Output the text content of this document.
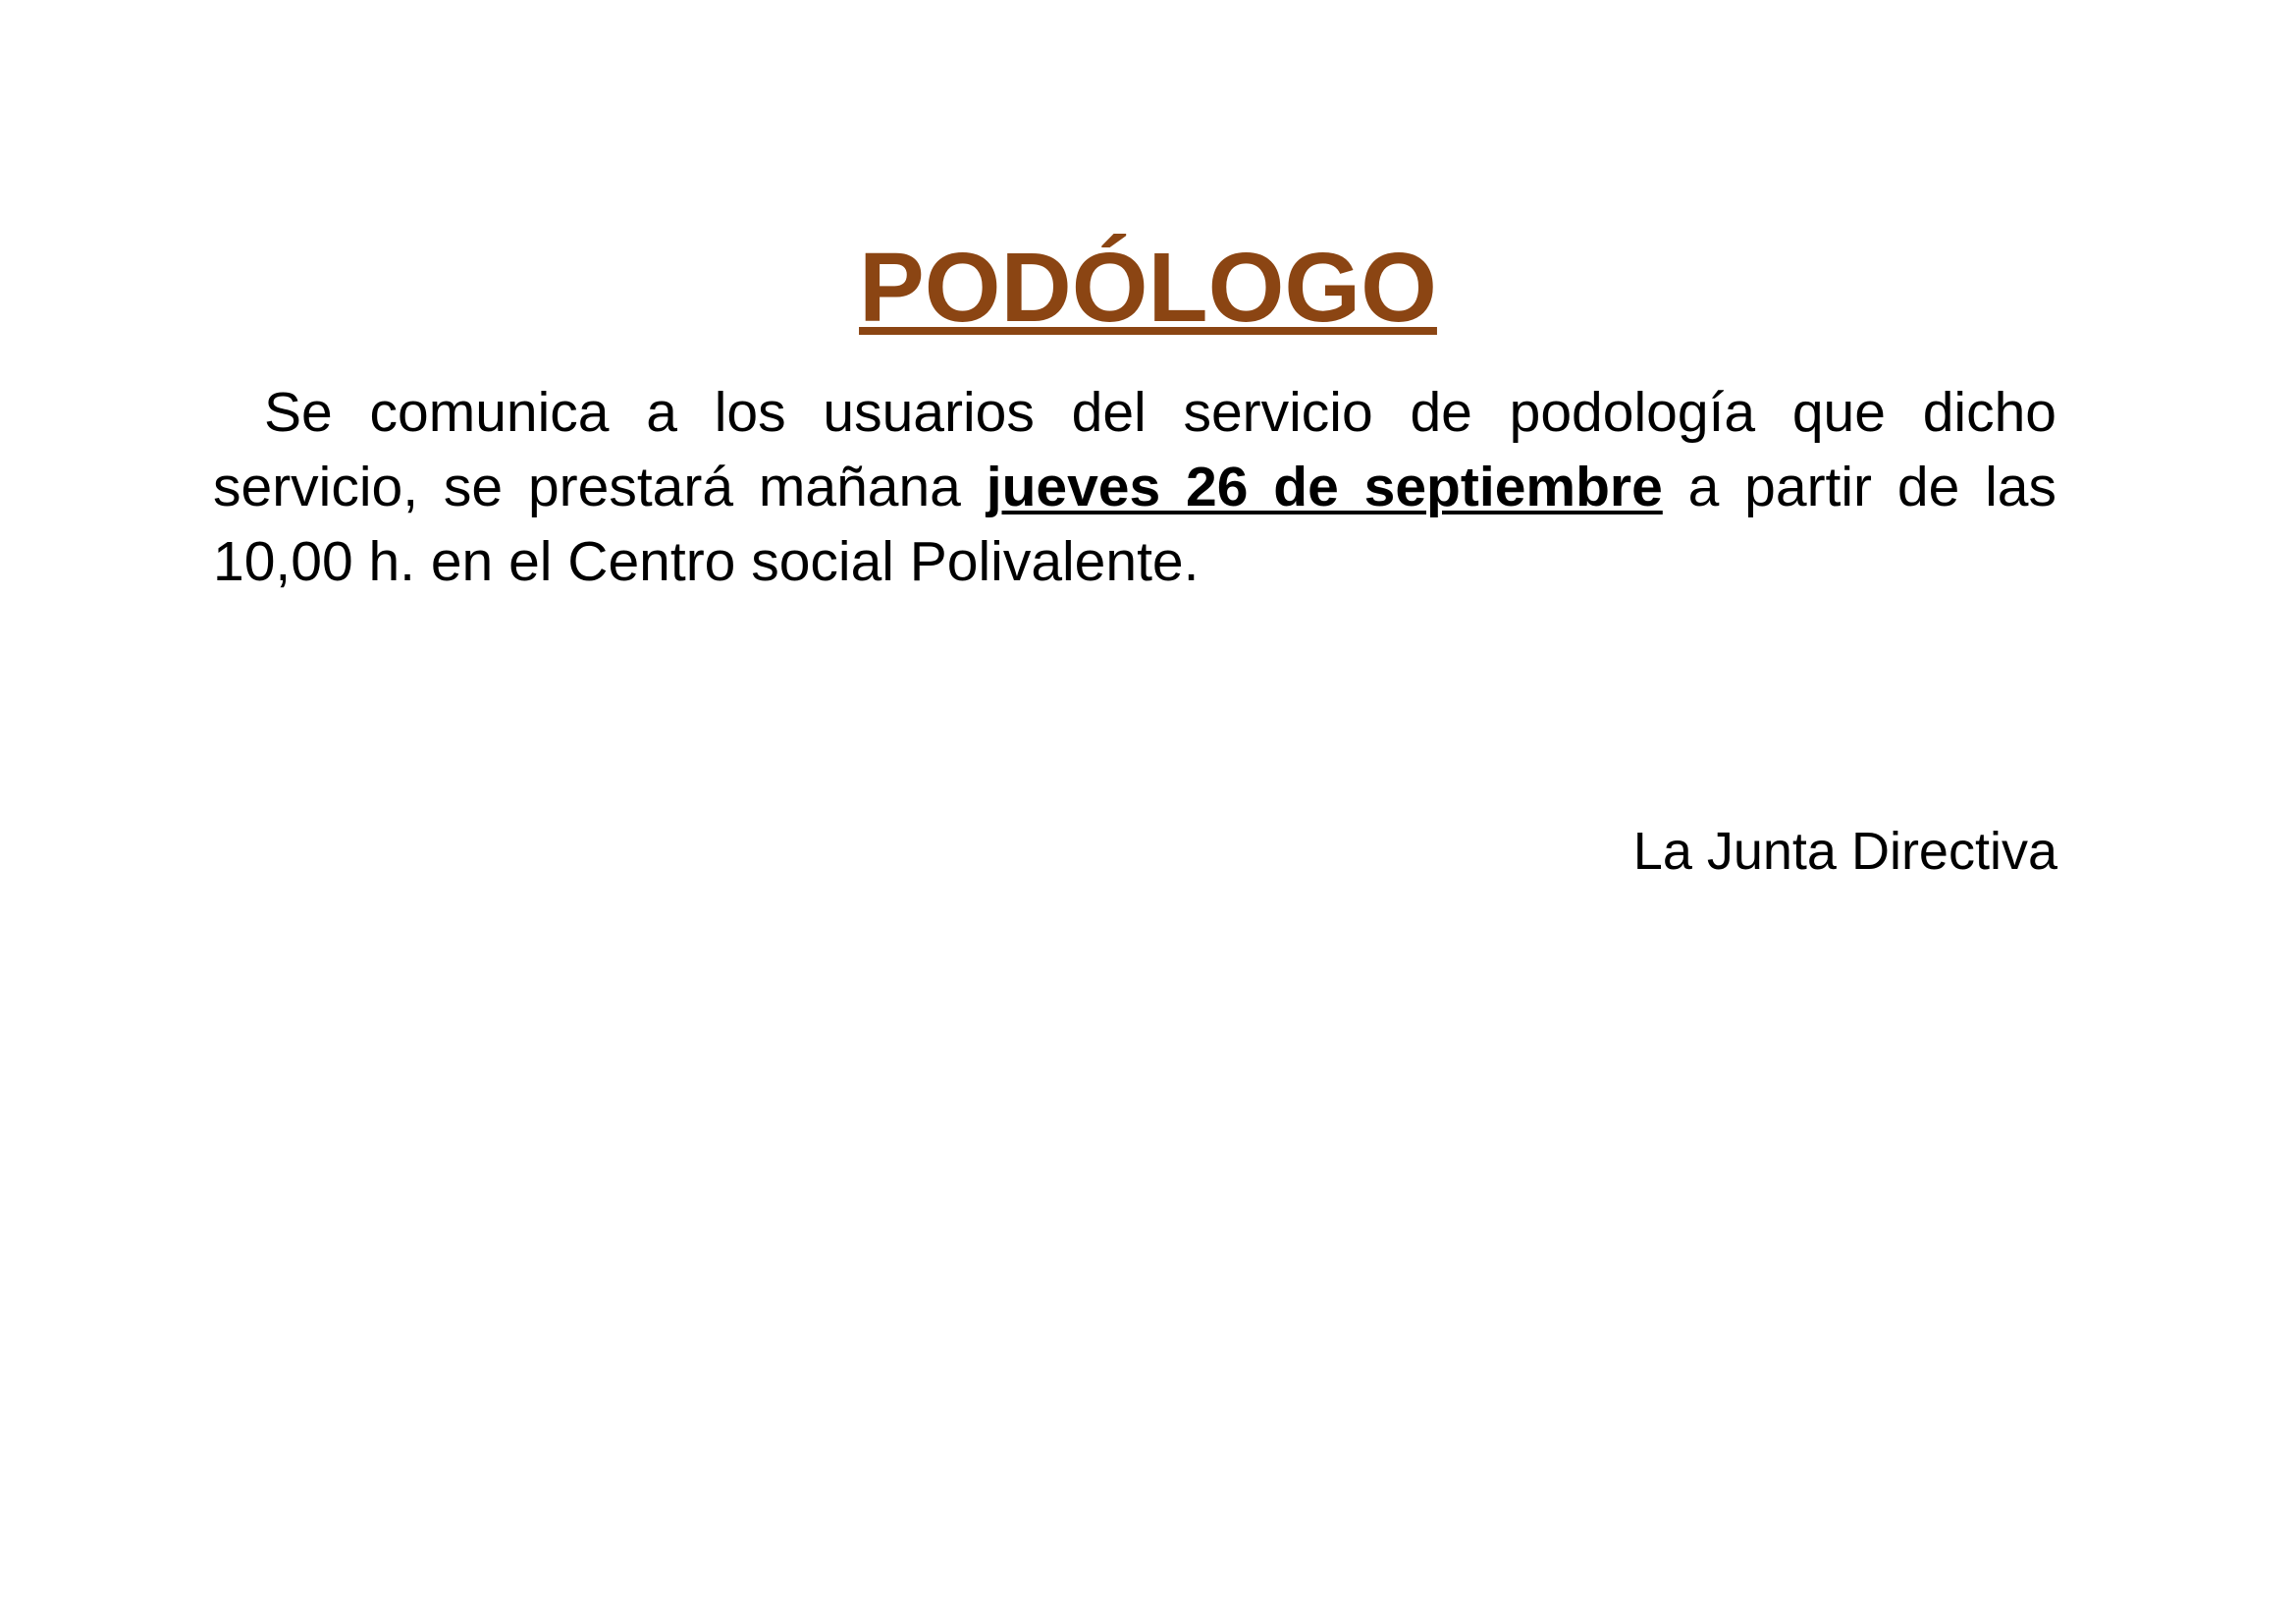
PODÓLOGO

Se comunica a los usuarios del servicio de podología que dicho servicio, se prestará mañana jueves 26 de septiembre a partir de las 10,00 h. en el Centro social Polivalente.

La Junta Directiva
